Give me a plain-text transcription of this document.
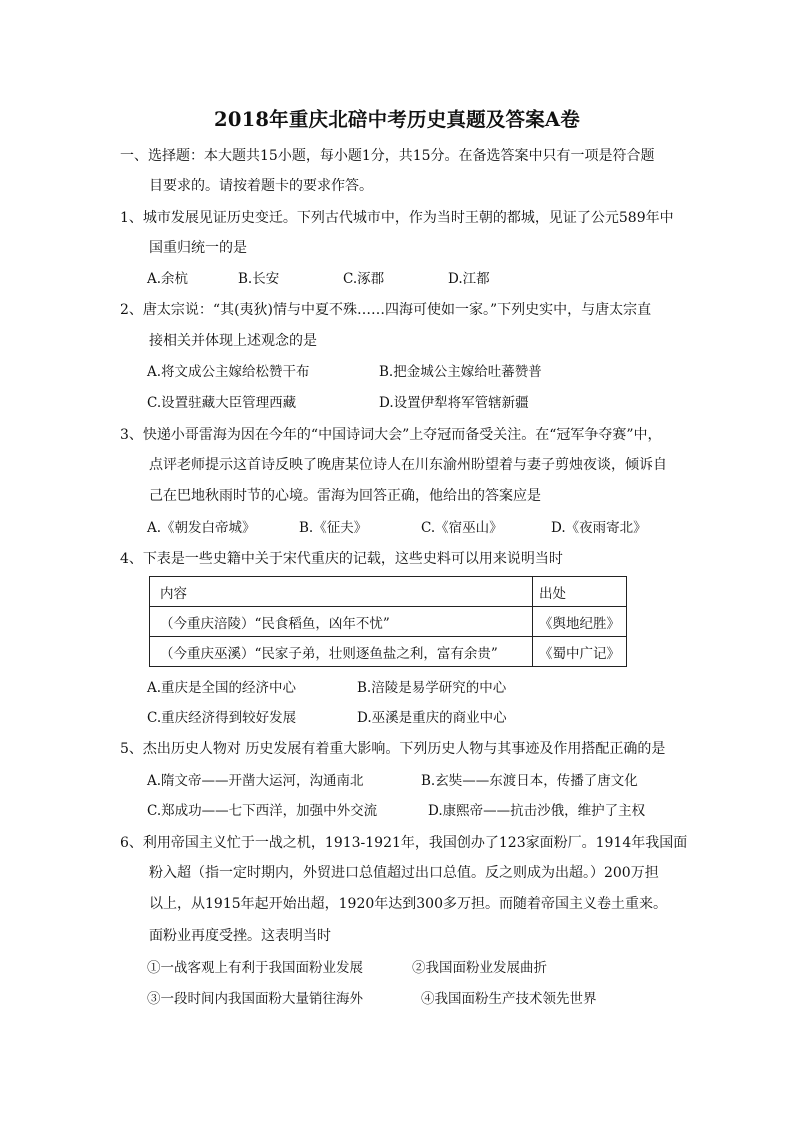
2018年重庆北碚中考历史真题及答案A卷
一、选择题：本大题共15小题，每小题1分，共15分。在备选答案中只有一项是符合题
目要求的。请按着题卡的要求作答。
1、城市发展见证历史变迁。下列古代城市中，作为当时王朝的都城，见证了公元589年中
国重归统一的是
A.余杭	B.长安	C.涿郡	D.江都
2、唐太宗说：“其(夷狄)情与中夏不殊……四海可使如一家。”下列史实中，与唐太宗直
接相关并体现上述观念的是
A.将文成公主嫁给松赞干布	B.把金城公主嫁给吐蕃赞普
C.设置驻藏大臣管理西藏	D.设置伊犁将军管辖新疆
3、快递小哥雷海为因在今年的“中国诗词大会”上夺冠而备受关注。在“冠军争夺赛”中，
点评老师提示这首诗反映了晚唐某位诗人在川东渝州盼望着与妻子剪烛夜谈，倾诉自
己在巴地秋雨时节的心境。雷海为回答正确，他给出的答案应是
A.《朝发白帝城》	B.《征夫》	C.《宿巫山》	D.《夜雨寄北》
4、下表是一些史籍中关于宋代重庆的记载，这些史料可以用来说明当时
内容	出处
（今重庆涪陵）“民食稻鱼，凶年不忧”	《舆地纪胜》
（今重庆巫溪）“民家子弟，壮则逐鱼盐之利，富有余贵”	《蜀中广记》
A.重庆是全国的经济中心	B.涪陵是易学研究的中心
C.重庆经济得到较好发展	D.巫溪是重庆的商业中心
5、杰出历史人物对 历史发展有着重大影响。下列历史人物与其事迹及作用搭配正确的是
A.隋文帝——开凿大运河，沟通南北	B.玄奘——东渡日本，传播了唐文化
C.郑成功——七下西洋，加强中外交流	D.康熙帝——抗击沙俄，维护了主权
6、利用帝国主义忙于一战之机，1913-1921年，我国创办了123家面粉厂。1914年我国面
粉入超（指一定时期内，外贸进口总值超过出口总值。反之则成为出超。）200万担
以上，从1915年起开始出超，1920年达到300多万担。而随着帝国主义卷土重来。
面粉业再度受挫。这表明当时
①一战客观上有利于我国面粉业发展	②我国面粉业发展曲折
③一段时间内我国面粉大量销往海外	④我国面粉生产技术领先世界
